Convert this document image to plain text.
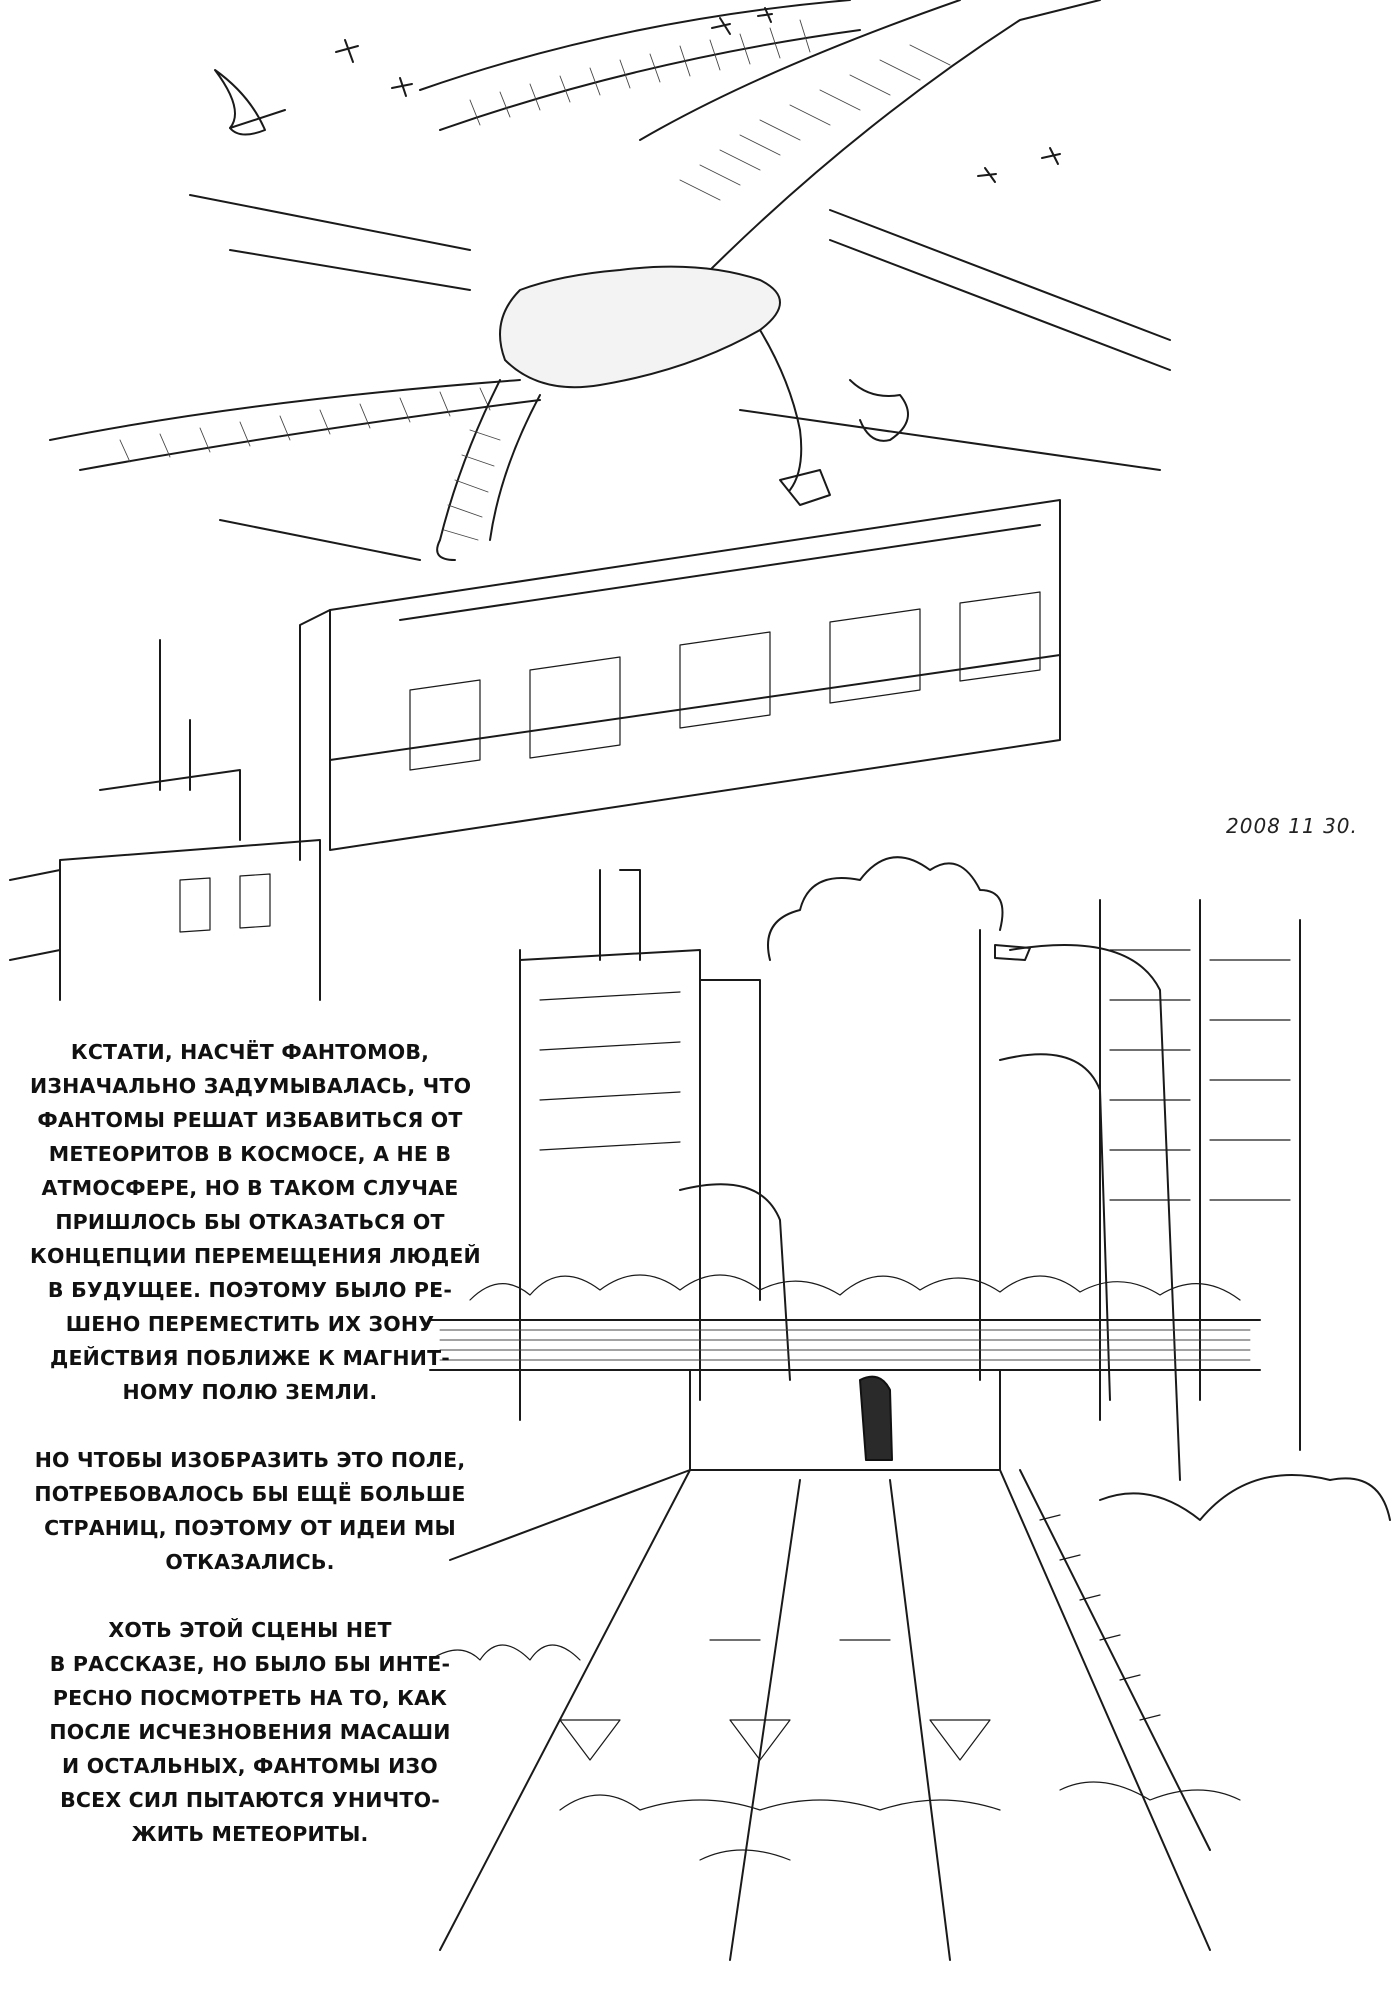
2008 11 30.
КСТАТИ, НАСЧЁТ ФАНТОМОВ,
ИЗНАЧАЛЬНО ЗАДУМЫВАЛАСЬ, ЧТО
ФАНТОМЫ РЕШАТ ИЗБАВИТЬСЯ ОТ
МЕТЕОРИТОВ В КОСМОСЕ, А НЕ В
АТМОСФЕРЕ, НО В ТАКОМ СЛУЧАЕ
ПРИШЛОСЬ БЫ ОТКАЗАТЬСЯ ОТ
КОНЦЕПЦИИ ПЕРЕМЕЩЕНИЯ ЛЮДЕЙ
В БУДУЩЕЕ. ПОЭТОМУ БЫЛО РЕ-
ШЕНО ПЕРЕМЕСТИТЬ ИХ ЗОНУ
ДЕЙСТВИЯ ПОБЛИЖЕ К МАГНИТ-
НОМУ ПОЛЮ ЗЕМЛИ.
НО ЧТОБЫ ИЗОБРАЗИТЬ ЭТО ПОЛЕ,
ПОТРЕБОВАЛОСЬ БЫ ЕЩЁ БОЛЬШЕ
СТРАНИЦ, ПОЭТОМУ ОТ ИДЕИ МЫ
ОТКАЗАЛИСЬ.
ХОТЬ ЭТОЙ СЦЕНЫ НЕТ
В РАССКАЗЕ, НО БЫЛО БЫ ИНТЕ-
РЕСНО ПОСМОТРЕТЬ НА ТО, КАК
ПОСЛЕ ИСЧЕЗНОВЕНИЯ МАСАШИ
И ОСТАЛЬНЫХ, ФАНТОМЫ ИЗО
ВСЕХ СИЛ ПЫТАЮТСЯ УНИЧТО-
ЖИТЬ МЕТЕОРИТЫ.
